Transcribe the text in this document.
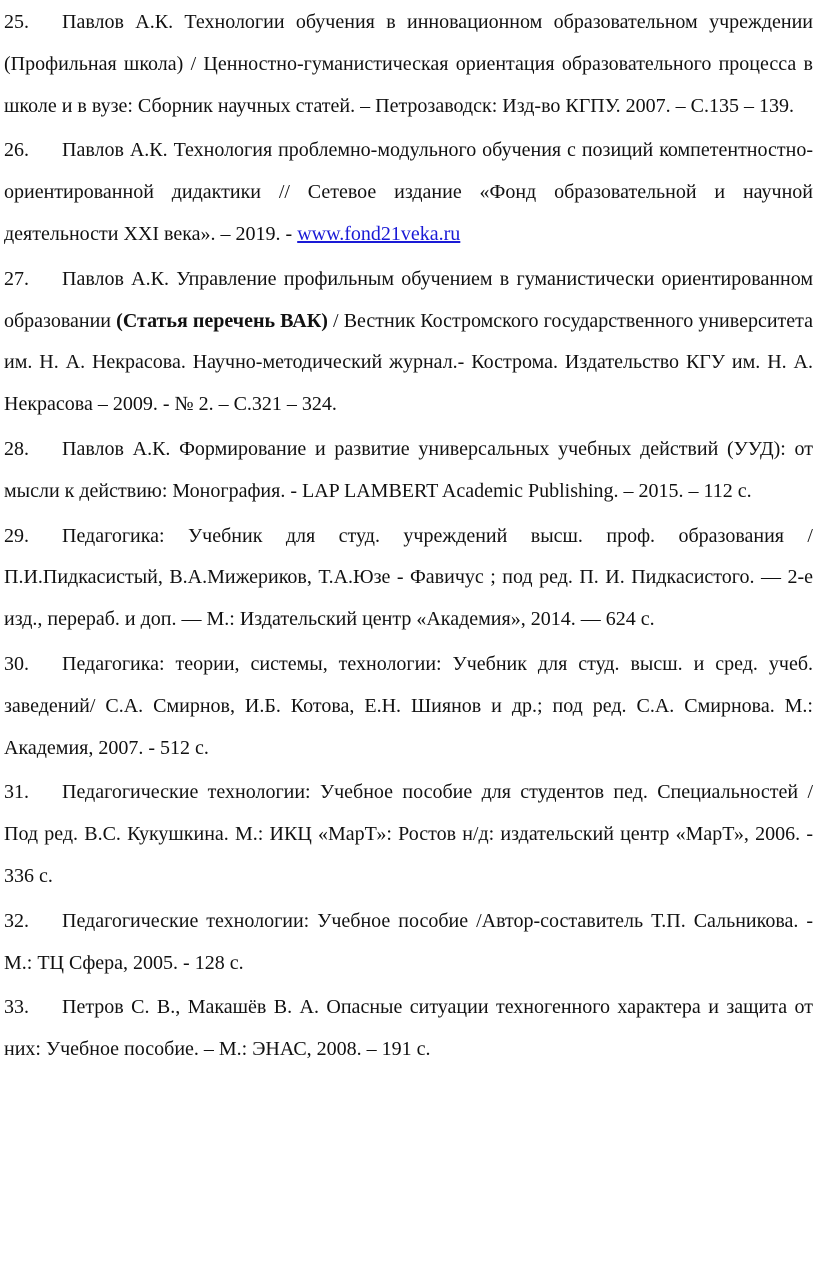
25. Павлов А.К. Технологии обучения в инновационном образовательном учреждении (Профильная школа) / Ценностно-гуманистическая ориентация образовательного процесса в школе и в вузе: Сборник научных статей. – Петрозаводск: Изд-во КГПУ. 2007. – С.135 – 139.

26. Павлов А.К. Технология проблемно-модульного обучения с позиций компетентностно-ориентированной дидактики // Сетевое издание «Фонд образовательной и научной деятельности XXI века». – 2019. - www.fond21veka.ru

27. Павлов А.К. Управление профильным обучением в гуманистически ориентированном образовании (Статья перечень ВАК) / Вестник Костромского государственного университета им. Н. А. Некрасова. Научно-методический журнал.- Кострома. Издательство КГУ им. Н. А. Некрасова – 2009. - № 2. – С.321 – 324.

28. Павлов А.К. Формирование и развитие универсальных учебных действий (УУД): от мысли к действию: Монография. - LAP LAMBERT Academic Publishing. – 2015. – 112 с.

29. Педагогика: Учебник для студ. учреждений высш. проф. образования / П.И.Пидкасистый, В.А.Мижериков, Т.А.Юзе - Фавичус ; под ред. П. И. Пидкасистого. — 2-е изд., перераб. и доп. — М.: Издательский центр «Академия», 2014. — 624 с.

30. Педагогика: теории, системы, технологии: Учебник для студ. высш. и сред. учеб. заведений/ С.А. Смирнов, И.Б. Котова, Е.Н. Шиянов и др.; под ред. С.А. Смирнова. М.: Академия, 2007. - 512 с.

31. Педагогические технологии: Учебное пособие для студентов пед. Специальностей / Под ред. В.С. Кукушкина. М.: ИКЦ «МарТ»: Ростов н/д: издательский центр «МарТ», 2006. - 336 с.

32. Педагогические технологии: Учебное пособие /Автор-составитель Т.П. Сальникова. - М.: ТЦ Сфера, 2005. - 128 с.

33. Петров С. В., Макашёв В. А. Опасные ситуации техногенного характера и защита от них: Учебное пособие. – М.: ЭНАС, 2008. – 191 с.
